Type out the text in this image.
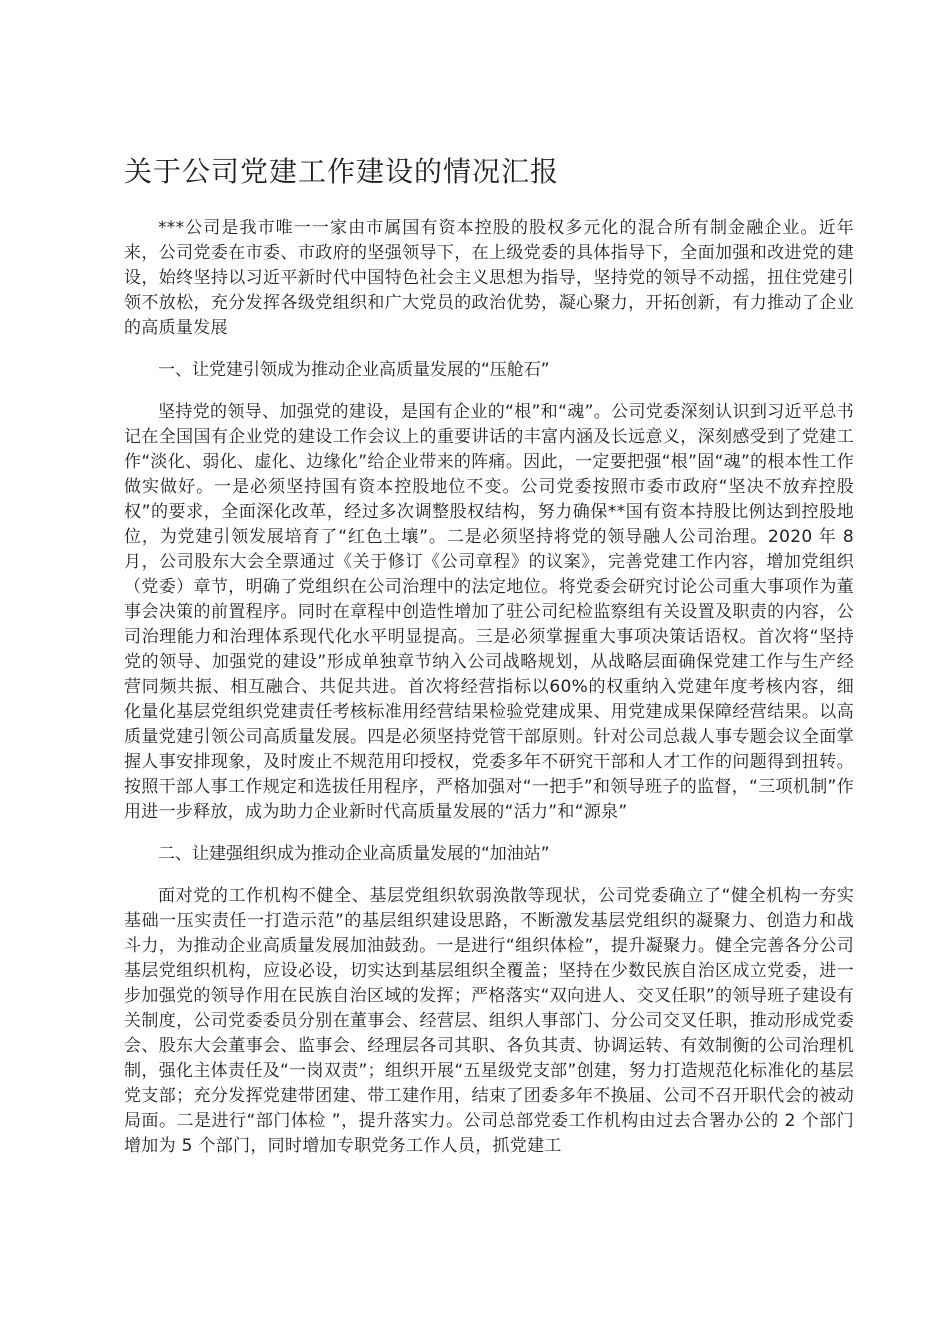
关于公司党建工作建设的情况汇报

***公司是我市唯一一家由市属国有资本控股的股权多元化的混合所有制金融企业。近年来，公司党委在市委、市政府的坚强领导下，在上级党委的具体指导下，全面加强和改进党的建设，始终坚持以习近平新时代中国特色社会主义思想为指导，坚持党的领导不动摇，扭住党建引领不放松，充分发挥各级党组织和广大党员的政治优势，凝心聚力，开拓创新，有力推动了企业的高质量发展

一、让党建引领成为推动企业高质量发展的“压舱石”

坚持党的领导、加强党的建设，是国有企业的“根”和“魂”。公司党委深刻认识到习近平总书记在全国国有企业党的建设工作会议上的重要讲话的丰富内涵及长远意义，深刻感受到了党建工作“淡化、弱化、虚化、边缘化”给企业带来的阵痛。因此，一定要把强“根”固“魂”的根本性工作做实做好。一是必须坚持国有资本控股地位不变。公司党委按照市委市政府“坚决不放弃控股权”的要求，全面深化改革，经过多次调整股权结构，努力确保**国有资本持股比例达到控股地位，为党建引领发展培育了“红色土壤”。二是必须坚持将党的领导融人公司治理。2020 年 8 月，公司股东大会全票通过《关于修订《公司章程》的议案》，完善党建工作内容，增加党组织（党委）章节，明确了党组织在公司治理中的法定地位。将党委会研究讨论公司重大事项作为董事会决策的前置程序。同时在章程中创造性增加了驻公司纪检监察组有关设置及职责的内容，公司治理能力和治理体系现代化水平明显提高。三是必须掌握重大事项决策话语权。首次将“坚持党的领导、加强党的建设”形成单独章节纳入公司战略规划，从战略层面确保党建工作与生产经营同频共振、相互融合、共促共进。首次将经营指标以60%的权重纳入党建年度考核内容，细化量化基层党组织党建责任考核标准用经营结果检验党建成果、用党建成果保障经营结果。以高质量党建引领公司高质量发展。四是必须坚持党管干部原则。针对公司总裁人事专题会议全面掌握人事安排现象，及时废止不规范用印授权，党委多年不研究干部和人才工作的问题得到扭转。按照干部人事工作规定和选拔任用程序，严格加强对“一把手”和领导班子的监督，“三项机制”作用进一步释放，成为助力企业新时代高质量发展的“活力”和“源泉”

二、让建强组织成为推动企业高质量发展的“加油站”

面对党的工作机构不健全、基层党组织软弱涣散等现状，公司党委确立了“健全机构一夯实基础一压实责任一打造示范”的基层组织建设思路，不断激发基层党组织的凝聚力、创造力和战斗力，为推动企业高质量发展加油鼓劲。一是进行“组织体检”，提升凝聚力。健全完善各分公司基层党组织机构，应设必设，切实达到基层组织全覆盖；坚持在少数民族自治区成立党委，进一步加强党的领导作用在民族自治区域的发挥；严格落实“双向进人、交叉任职”的领导班子建设有关制度，公司党委委员分别在董事会、经营层、组织人事部门、分公司交叉任职，推动形成党委会、股东大会董事会、监事会、经理层各司其职、各负其责、协调运转、有效制衡的公司治理机制，强化主体责任及“一岗双责”；组织开展“五星级党支部”创建，努力打造规范化标准化的基层党支部；充分发挥党建带团建、带工建作用，结束了团委多年不换届、公司不召开职代会的被动局面。二是进行“部门体检 ”，提升落实力。公司总部党委工作机构由过去合署办公的 2 个部门增加为 5 个部门，同时增加专职党务工作人员，抓党建工
